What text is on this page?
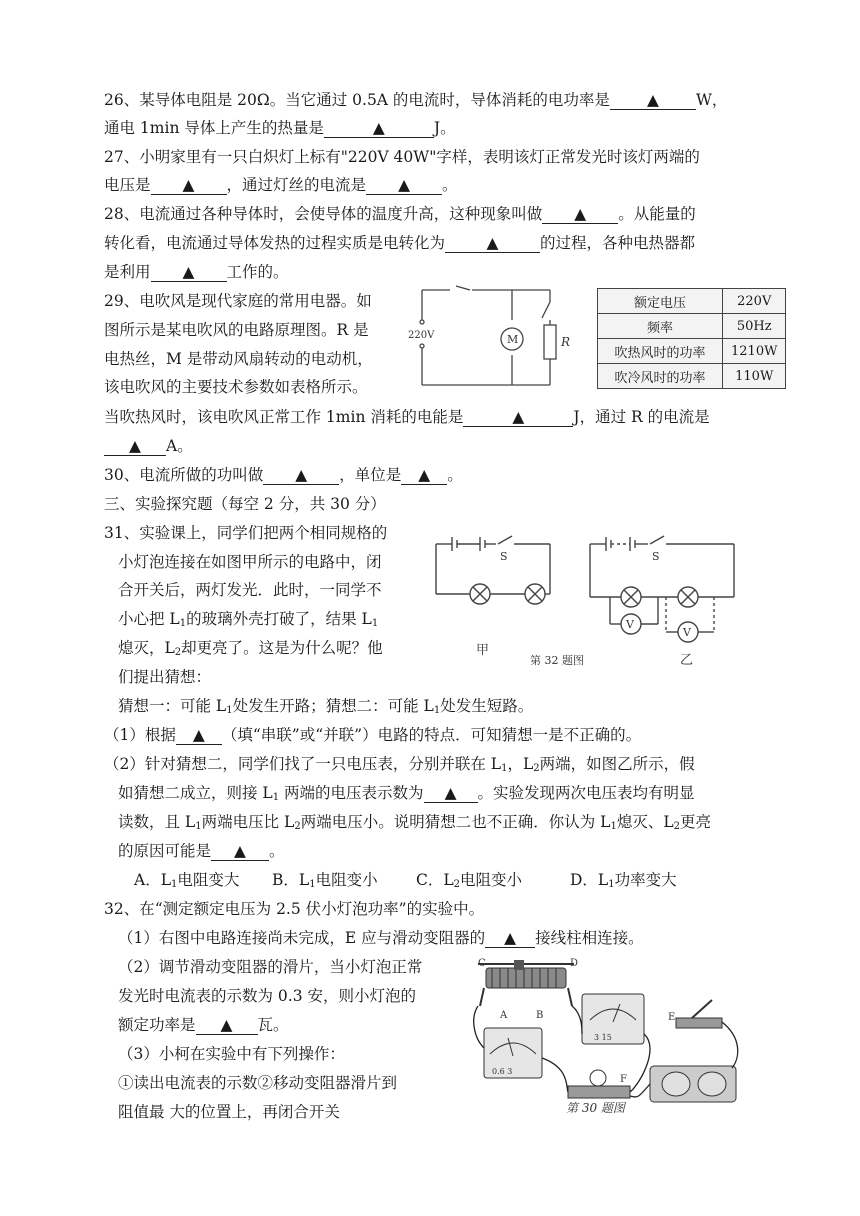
26、某导体电阻是 20Ω。当它通过 0.5A 的电流时，导体消耗的电功率是 ▲ W，
通电 1min 导体上产生的热量是	▲	J。
27、小明家里有一只白炽灯上标有"220V 40W"字样，表明该灯正常发光时该灯两端的
电压是 ▲ ，通过灯丝的电流是 ▲ 。
28、电流通过各种导体时，会使导体的温度升高，这种现象叫做 ▲ 。从能量的
转化看，电流通过导体发热的过程实质是电转化为	▲	的过程，各种电热器都
是利用 ▲ 工作的。
29、电吹风是现代家庭的常用电器。如
图所示是某电吹风的电路原理图。R 是
电热丝，M 是带动风扇转动的电动机，
该电吹风的主要技术参数如表格所示。
220V	M	R
额定电压	220V
频率	50Hz
吹热风时的功率	1210W
吹冷风时的功率	110W
当吹热风时，该电吹风正常工作 1min 消耗的电能是	▲	J，通过 R 的电流是
▲ A。
30、电流所做的功叫做 ▲ ，单位是 ▲ 。
三、实验探究题（每空 2 分，共 30 分）
31、实验课上，同学们把两个相同规格的
小灯泡连接在如图甲所示的电路中，闭
合开关后，两灯发光．此时，一同学不
小心把 $L_1$的玻璃外壳打破了，结果 $L_1$
熄灭，$L_2$却更亮了。这是为什么呢？他
们提出猜想：
S	S
V
V
甲
第 32 题图	乙
猜想一：可能 $L_1$处发生开路；猜想二：可能 $L_1$处发生短路。
（1）根据 ▲ （填“串联”或“并联”）电路的特点．可知猜想一是不正确的。
（2）针对猜想二，同学们找了一只电压表，分别并联在 $L_1$，$L_2$两端，如图乙所示，假
如猜想二成立，则接 $L_1$ 两端的电压表示数为 ▲ 。实验发现两次电压表均有明显
读数，且 $L_1$两端电压比 $L_2$两端电压小。说明猜想二也不正确．你认为 $L_1$熄灭、$L_2$更亮
的原因可能是 ▲ 。
A．$L_1$电阻变大 B．$L_1$电阻变小 C．$L_2$电阻变小	D．$L_1$功率变大
32、在“测定额定电压为 2.5 伏小灯泡功率”的实验中。
（1）右图中电路连接尚未完成，E 应与滑动变阻器的 ▲ 接线柱相连接。
（2）调节滑动变阻器的滑片，当小灯泡正常
发光时电流表的示数为 0.3 安，则小灯泡的
额定功率是 ▲ 瓦。
（3）小柯在实验中有下列操作：
①读出电流表的示数②移动变阻器滑片到
阻值最 大的位置上，再闭合开关
C	D
A	B
3 15
0.6 3
E
F
第 30 题图
